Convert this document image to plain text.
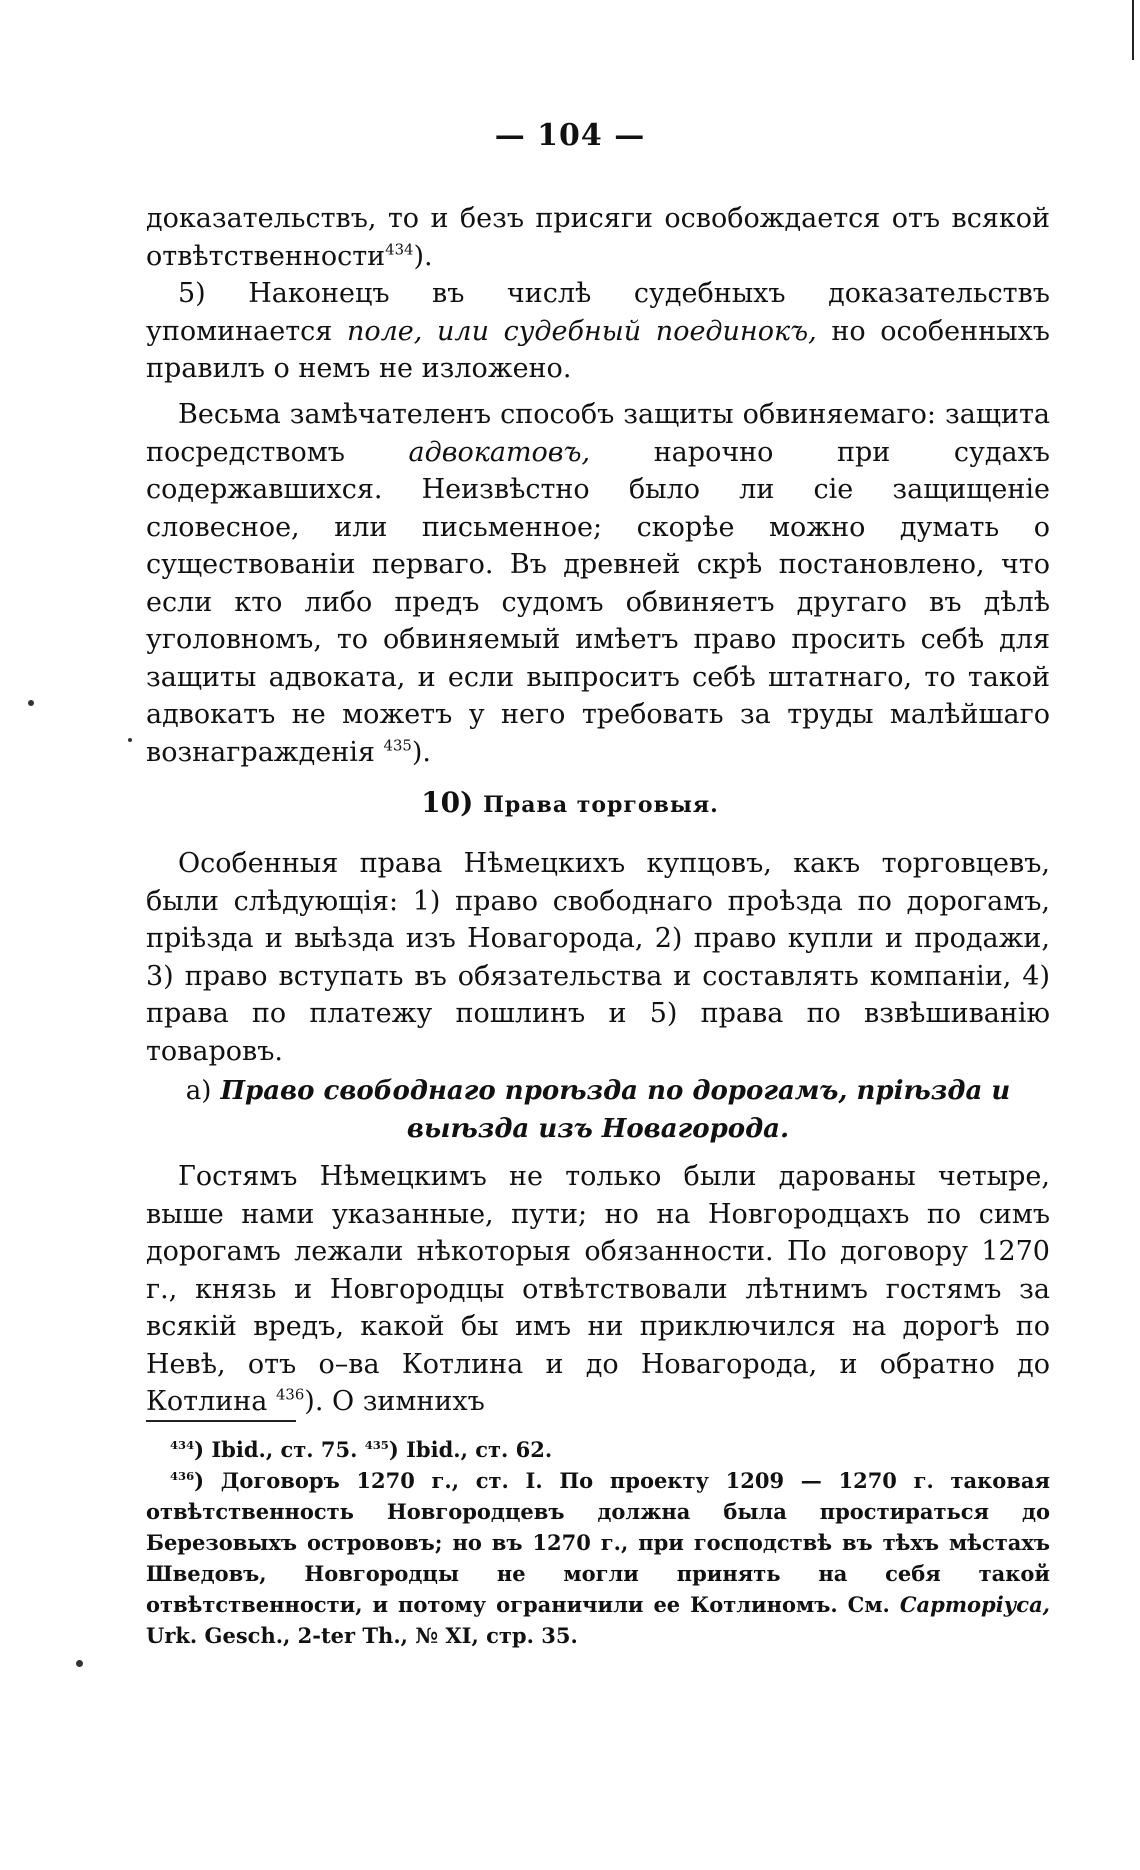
— 104 —

доказательствъ, то и безъ присяги освобождается отъ всякой отвѣтственности$^{434}$).

5) Наконецъ въ числѣ судебныхъ доказательствъ упоминается поле, или судебный поединокъ, но особенныхъ правилъ о немъ не изложено.

Весьма замѣчателенъ способъ защиты обвиняемаго: защита посредствомъ адвокатовъ, нарочно при судахъ содержавшихся. Неизвѣстно было ли сіе защищеніе словесное, или письменное; скорѣе можно думать о существованіи перваго. Въ древней скрѣ постановлено, что если кто либо предъ судомъ обвиняетъ другаго въ дѣлѣ уголовномъ, то обвиняемый имѣетъ право просить себѣ для защиты адвоката, и если выпроситъ себѣ штатнаго, то такой адвокатъ не можетъ у него требовать за труды малѣйшаго вознагражденія $^{435}$).

10) Права торговыя.

Особенныя права Нѣмецкихъ купцовъ, какъ торговцевъ, были слѣдующія: 1) право свободнаго проѣзда по дорогамъ, пріѣзда и выѣзда изъ Новагорода, 2) право купли и продажи, 3) право вступать въ обязательства и составлять компаніи, 4) права по платежу пошлинъ и 5) права по взвѣшиванію товаровъ.

а) Право свободнаго проѣзда по дорогамъ, пріѣзда и выѣзда изъ Новагорода.

Гостямъ Нѣмецкимъ не только были дарованы четыре, выше нами указанные, пути; но на Новгородцахъ по симъ дорогамъ лежали нѣкоторыя обязанности. По договору 1270 г., князь и Новгородцы отвѣтствовали лѣтнимъ гостямъ за всякій вредъ, какой бы имъ ни приключился на дорогѣ по Невѣ, отъ о–ва Котлина и до Новагорода, и обратно до Котлина $^{436}$). О зимнихъ

$^{434}$) Ibid., ст. 75. $^{435}$) Ibid., ст. 62.

$^{436}$) Договоръ 1270 г., ст. I. По проекту 1209 — 1270 г. таковая отвѣтственность Новгородцевъ должна была простираться до Березовыхъ острововъ; но въ 1270 г., при господствѣ въ тѣхъ мѣстахъ Шведовъ, Новгородцы не могли принять на себя такой отвѣтственности, и потому ограничили ее Котлиномъ. См. Сарторіуса, Urk. Gesch., 2-ter Th., № XI, стр. 35.
